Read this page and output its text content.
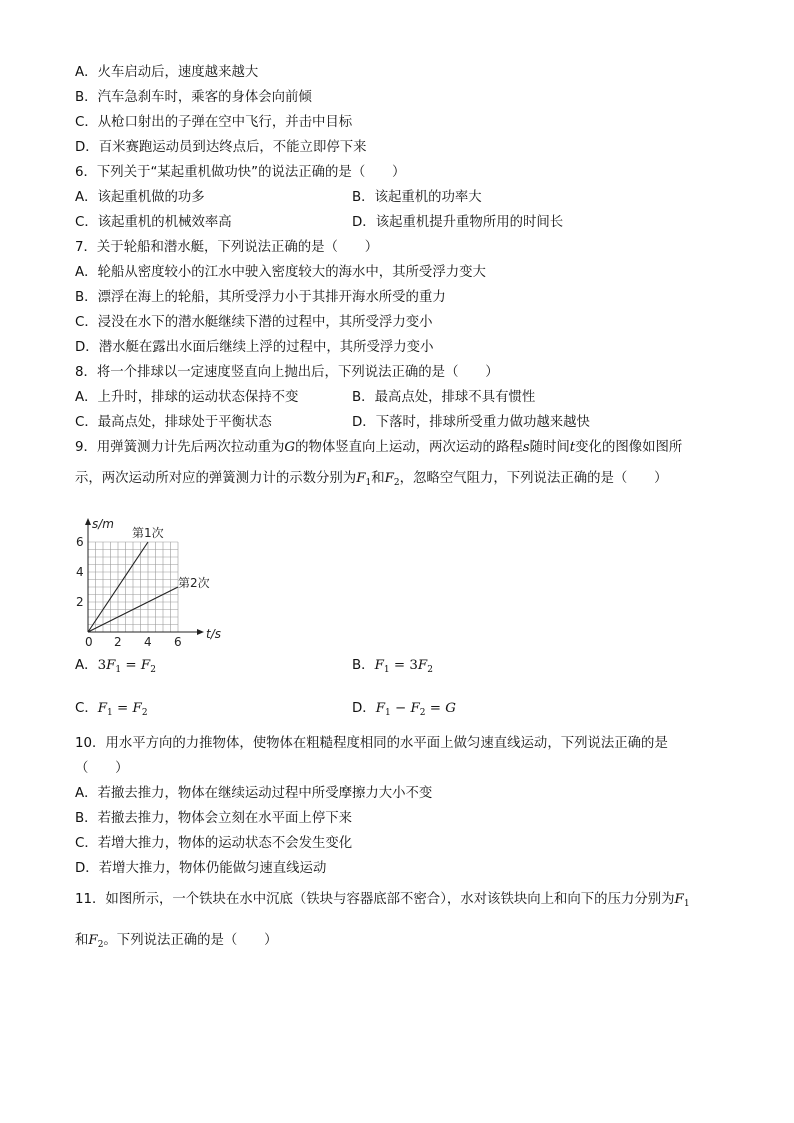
A．火车启动后，速度越来越大
B．汽车急刹车时，乘客的身体会向前倾
C．从枪口射出的子弹在空中飞行，并击中目标
D．百米赛跑运动员到达终点后，不能立即停下来
6．下列关于“某起重机做功快”的说法正确的是（　　）
A．该起重机做的功多	B．该起重机的功率大
C．该起重机的机械效率高	D．该起重机提升重物所用的时间长
7．关于轮船和潜水艇，下列说法正确的是（　　）
A．轮船从密度较小的江水中驶入密度较大的海水中，其所受浮力变大
B．漂浮在海上的轮船，其所受浮力小于其排开海水所受的重力
C．浸没在水下的潜水艇继续下潜的过程中，其所受浮力变小
D．潜水艇在露出水面后继续上浮的过程中，其所受浮力变小
8．将一个排球以一定速度竖直向上抛出后，下列说法正确的是（　　）
A．上升时，排球的运动状态保持不变	B．最高点处，排球不具有惯性
C．最高点处，排球处于平衡状态	D．下落时，排球所受重力做功越来越快
9．用弹簧测力计先后两次拉动重为G的物体竖直向上运动，两次运动的路程s随时间t变化的图像如图所
示，两次运动所对应的弹簧测力计的示数分别为$F_1$和$F_2$，忽略空气阻力，下列说法正确的是（　　）
第1次
第2次
0 2 4 6
2
4
6
t/s
s/m
A．$3F_1 = F_2$	B．$F_1 = 3F_2$
C．$F_1 = F_2$	D．$F_1 - F_2 = G$
10．用水平方向的力推物体，使物体在粗糙程度相同的水平面上做匀速直线运动，下列说法正确的是
（　　）
A．若撤去推力，物体在继续运动过程中所受摩擦力大小不变
B．若撤去推力，物体会立刻在水平面上停下来
C．若增大推力，物体的运动状态不会发生变化
D．若增大推力，物体仍能做匀速直线运动
11．如图所示，一个铁块在水中沉底（铁块与容器底部不密合），水对该铁块向上和向下的压力分别为$F_1$
和$F_2$。下列说法正确的是（　　）
